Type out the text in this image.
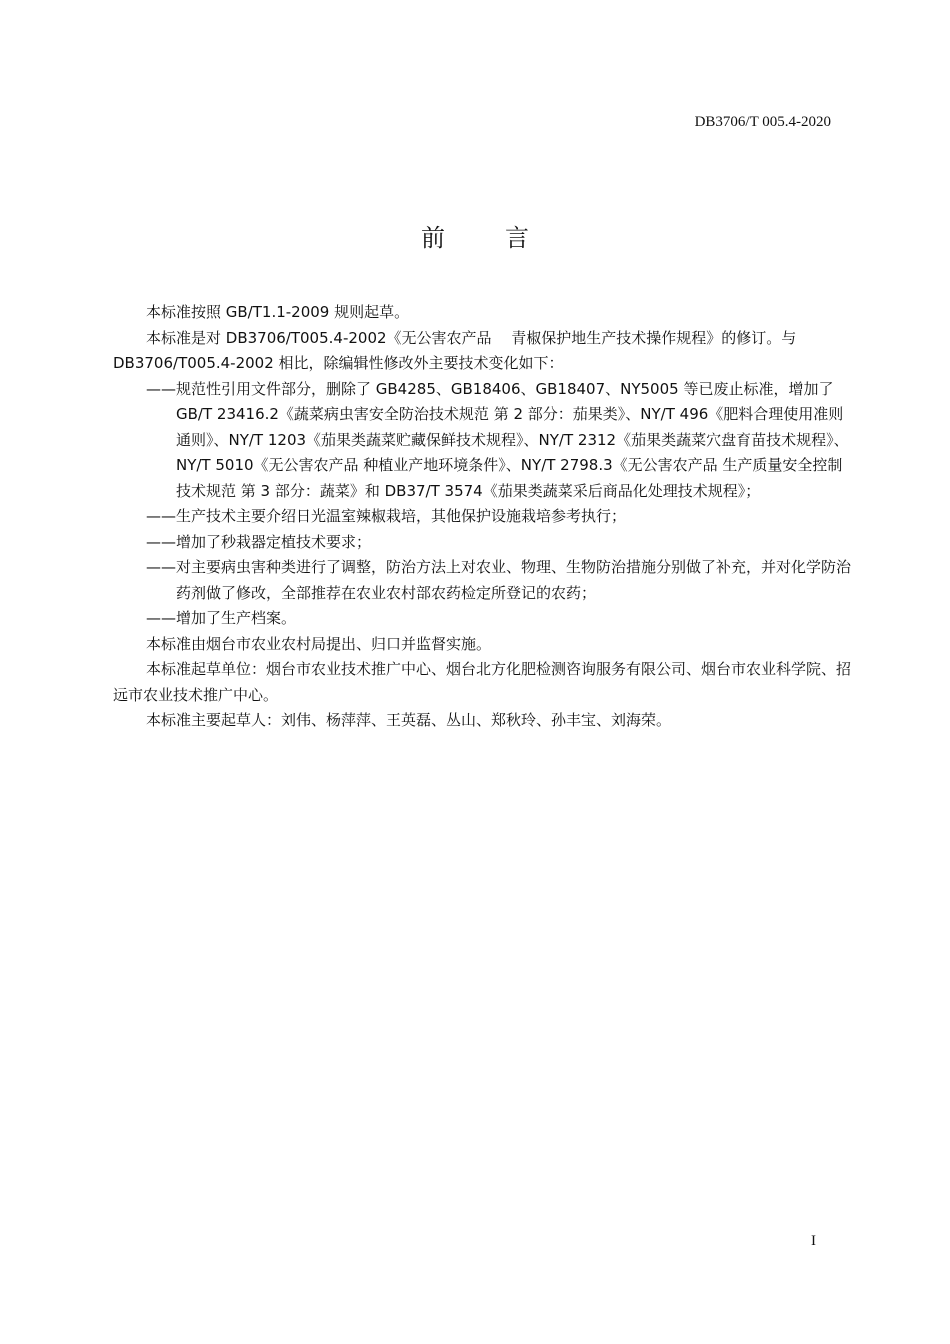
DB3706/T 005.4-2020
前	言

本标准按照 GB/T1.1-2009 规则起草。

本标准是对 DB3706/T005.4-2002《无公害农产品　 青椒保护地生产技术操作规程》的修订。与 DB3706/T005.4-2002 相比，除编辑性修改外主要技术变化如下：

—— 规范性引用文件部分，删除了 GB4285、GB18406、GB18407、NY5005 等已废止标准，增加了 GB/T 23416.2《蔬菜病虫害安全防治技术规范 第 2 部分：茄果类》、NY/T 496《肥料合理使用准则 通则》、NY/T 1203《茄果类蔬菜贮藏保鲜技术规程》、NY/T 2312《茄果类蔬菜穴盘育苗技术规程》、NY/T 5010《无公害农产品 种植业产地环境条件》、NY/T 2798.3《无公害农产品 生产质量安全控制技术规范 第 3 部分：蔬菜》和 DB37/T 3574《茄果类蔬菜采后商品化处理技术规程》；
—— 生产技术主要介绍日光温室辣椒栽培，其他保护设施栽培参考执行；
—— 增加了秒栽器定植技术要求；
—— 对主要病虫害种类进行了调整，防治方法上对农业、物理、生物防治措施分别做了补充，并对化学防治药剂做了修改，全部推荐在农业农村部农药检定所登记的农药；
—— 增加了生产档案。

本标准由烟台市农业农村局提出、归口并监督实施。

本标准起草单位：烟台市农业技术推广中心、烟台北方化肥检测咨询服务有限公司、烟台市农业科学院、招远市农业技术推广中心。

本标准主要起草人：刘伟、杨萍萍、王英磊、丛山、郑秋玲、孙丰宝、刘海荣。

I
